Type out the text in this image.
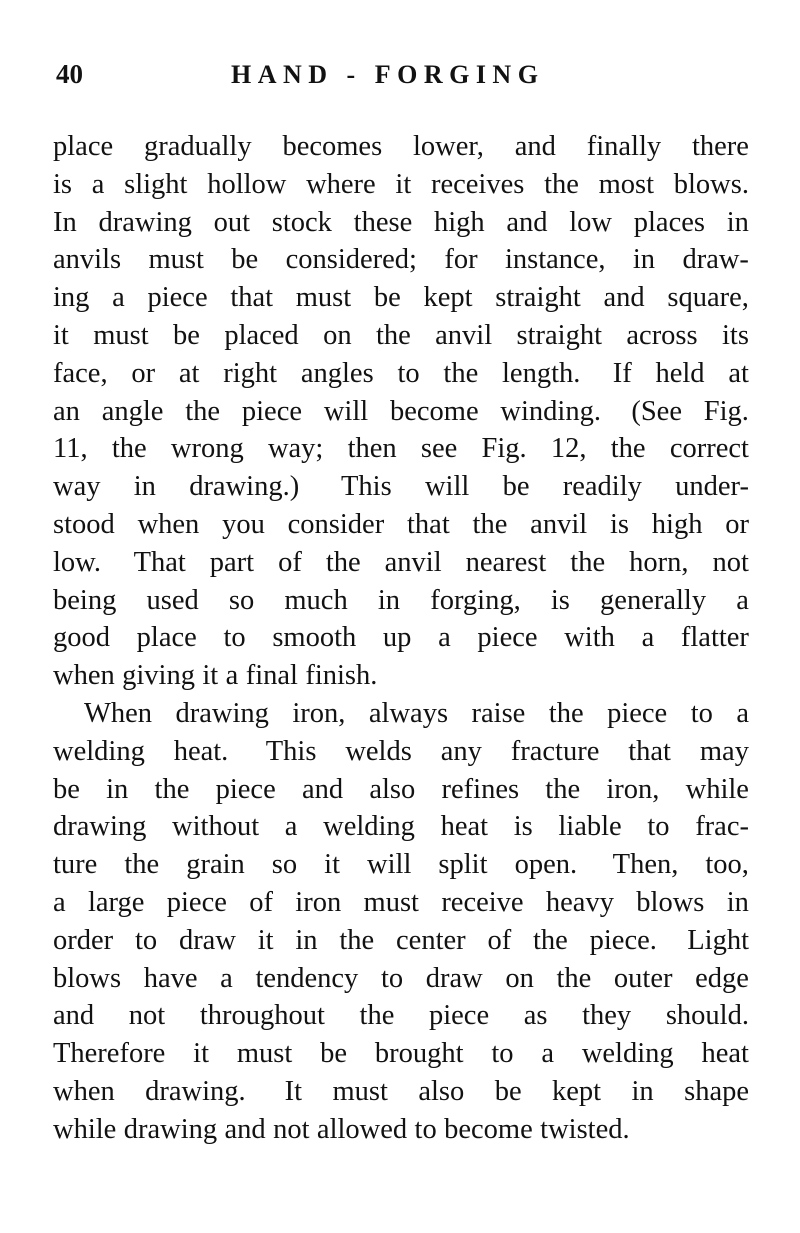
40	HAND - FORGING
place gradually becomes lower, and finally there
is a slight hollow where it receives the most blows.
In drawing out stock these high and low places in
anvils must be considered; for instance, in draw-
ing a piece that must be kept straight and square,
it must be placed on the anvil straight across its
face, or at right angles to the length. If held at
an angle the piece will become winding. (See Fig.
11, the wrong way; then see Fig. 12, the correct
way in drawing.) This will be readily under-
stood when you consider that the anvil is high or
low. That part of the anvil nearest the horn, not
being used so much in forging, is generally a
good place to smooth up a piece with a flatter
when giving it a final finish.
When drawing iron, always raise the piece to a
welding heat. This welds any fracture that may
be in the piece and also refines the iron, while
drawing without a welding heat is liable to frac-
ture the grain so it will split open. Then, too,
a large piece of iron must receive heavy blows in
order to draw it in the center of the piece. Light
blows have a tendency to draw on the outer edge
and not throughout the piece as they should.
Therefore it must be brought to a welding heat
when drawing. It must also be kept in shape
while drawing and not allowed to become twisted.
